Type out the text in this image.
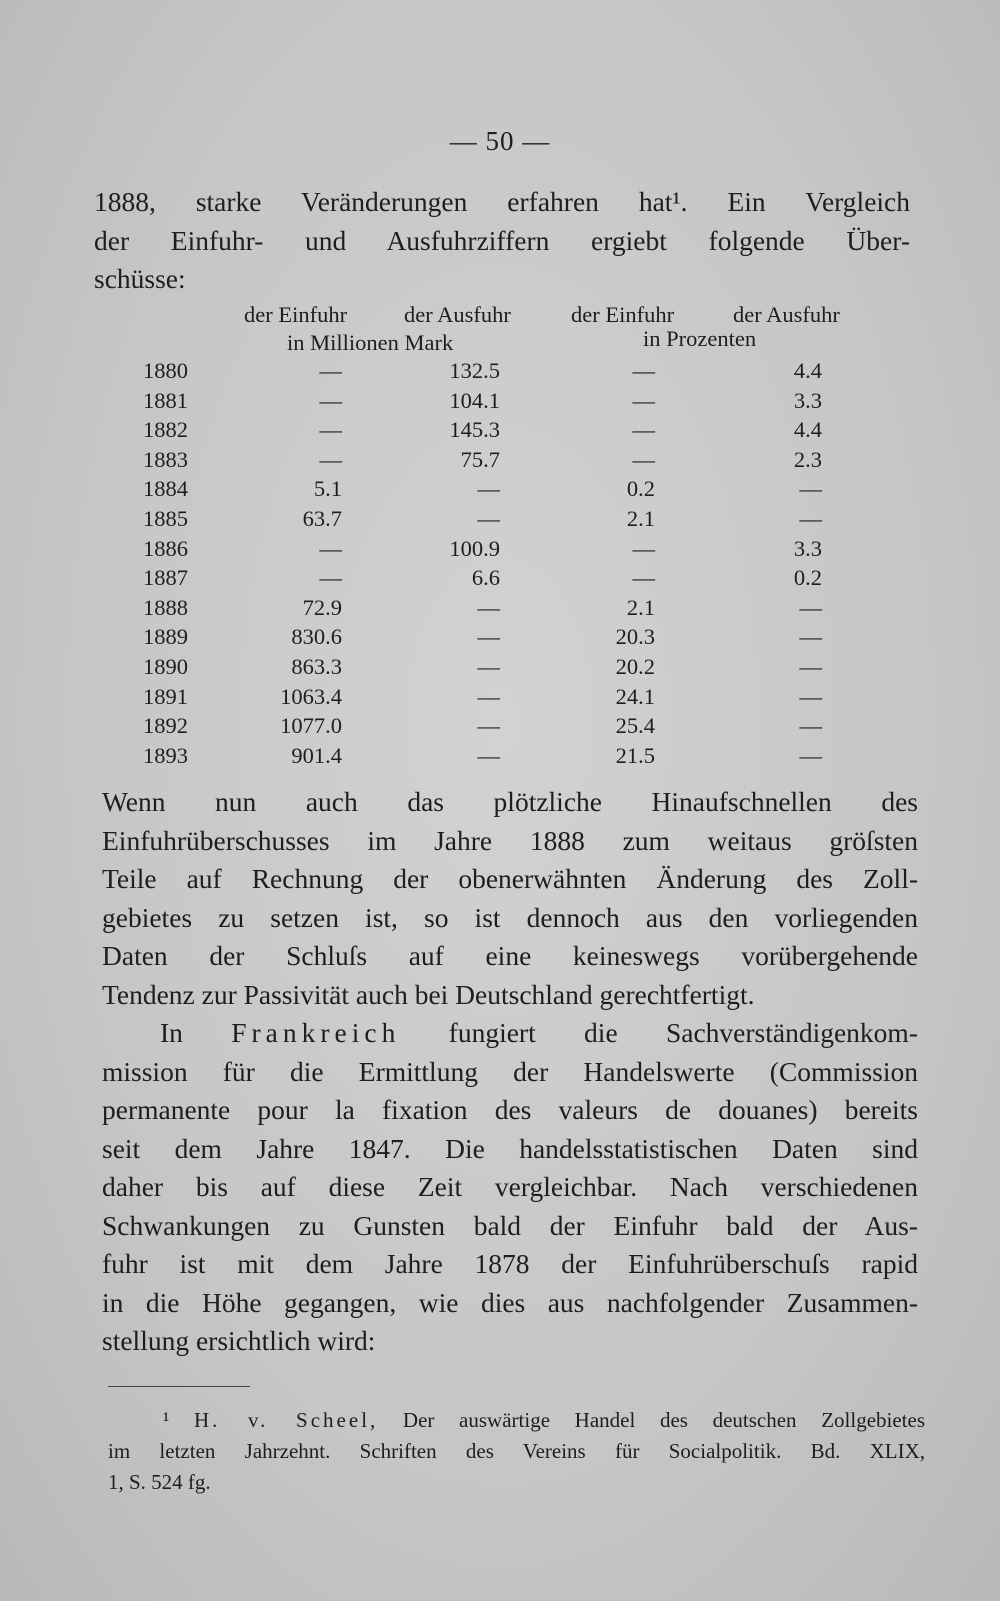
— 50 —

1888, starke Veränderungen erfahren hat¹. Ein Vergleich
der Einfuhr- und Ausfuhrziffern ergiebt folgende Über-
schüsse:

der Einfuhr	der Ausfuhr	der Einfuhr	der Ausfuhr
in Millionen Mark	in Prozenten
1880	—	132.5	—	4.4
1881	—	104.1	—	3.3
1882	—	145.3	—	4.4
1883	—	75.7	—	2.3
1884	5.1	—	0.2	—
1885	63.7	—	2.1	—
1886	—	100.9	—	3.3
1887	—	6.6	—	0.2
1888	72.9	—	2.1	—
1889	830.6	—	20.3	—
1890	863.3	—	20.2	—
1891	1063.4	—	24.1	—
1892	1077.0	—	25.4	—
1893	901.4	—	21.5	—

Wenn nun auch das plötzliche Hinaufschnellen des
Einfuhrüberschusses im Jahre 1888 zum weitaus gröſsten
Teile auf Rechnung der obenerwähnten Änderung des Zoll-
gebietes zu setzen ist, so ist dennoch aus den vorliegenden
Daten der Schluſs auf eine keineswegs vorübergehende
Tendenz zur Passivität auch bei Deutschland gerechtfertigt.

In Frankreich fungiert die Sachverständigenkom-
mission für die Ermittlung der Handelswerte (Commission
permanente pour la fixation des valeurs de douanes) bereits
seit dem Jahre 1847. Die handelsstatistischen Daten sind
daher bis auf diese Zeit vergleichbar. Nach verschiedenen
Schwankungen zu Gunsten bald der Einfuhr bald der Aus-
fuhr ist mit dem Jahre 1878 der Einfuhrüberschuſs rapid
in die Höhe gegangen, wie dies aus nachfolgender Zusammen-
stellung ersichtlich wird:

¹ H. v. Scheel, Der auswärtige Handel des deutschen Zollgebietes
im letzten Jahrzehnt. Schriften des Vereins für Socialpolitik. Bd. XLIX,
1, S. 524 fg.
